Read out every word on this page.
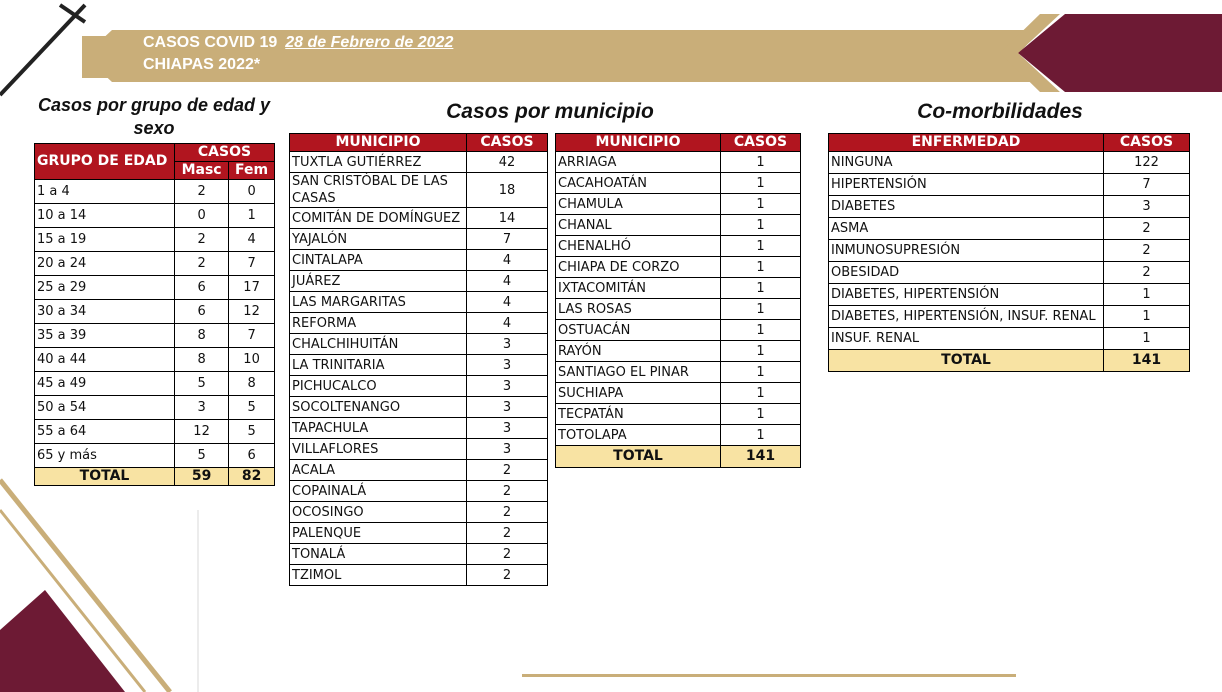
CASOS COVID 19 28 de Febrero de 2022
CHIAPAS 2022*
Casos por grupo de edad y sexo
Casos por municipio	Co-morbilidades
GRUPO DE EDAD	CASOS	
	Masc	Fem
1 a 4	2	0
10 a 14	0	1
15 a 19	2	4
20 a 24	2	7
25 a 29	6	17
30 a 34	6	12
35 a 39	8	7
40 a 44	8	10
45 a 49	5	8
50 a 54	3	5
55 a 64	12	5
65 y más	5	6
TOTAL	59	82
MUNICIPIO	CASOS
TUXTLA GUTIÉRREZ	42
SAN CRISTÓBAL DE LAS CASAS	18
COMITÁN DE DOMÍNGUEZ	14
YAJALÓN	7
CINTALAPA	4
JUÁREZ	4
LAS MARGARITAS	4
REFORMA	4
CHALCHIHUITÁN	3
LA TRINITARIA	3
PICHUCALCO	3
SOCOLTENANGO	3
TAPACHULA	3
VILLAFLORES	3
ACALA	2
COPAINALÁ	2
OCOSINGO	2
PALENQUE	2
TONALÁ	2
TZIMOL	2
MUNICIPIO	CASOS
ARRIAGA	1
CACAHOATÁN	1
CHAMULA	1
CHANAL	1
CHENALHÓ	1
CHIAPA DE CORZO	1
IXTACOMITÁN	1
LAS ROSAS	1
OSTUACÁN	1
RAYÓN	1
SANTIAGO EL PINAR	1
SUCHIAPA	1
TECPATÁN	1
TOTOLAPA	1
TOTAL	141
ENFERMEDAD	CASOS
NINGUNA	122
HIPERTENSIÓN	7
DIABETES	3
ASMA	2
INMUNOSUPRESIÓN	2
OBESIDAD	2
DIABETES, HIPERTENSIÓN	1
DIABETES, HIPERTENSIÓN, INSUF. RENAL	1
INSUF. RENAL	1
TOTAL	141
